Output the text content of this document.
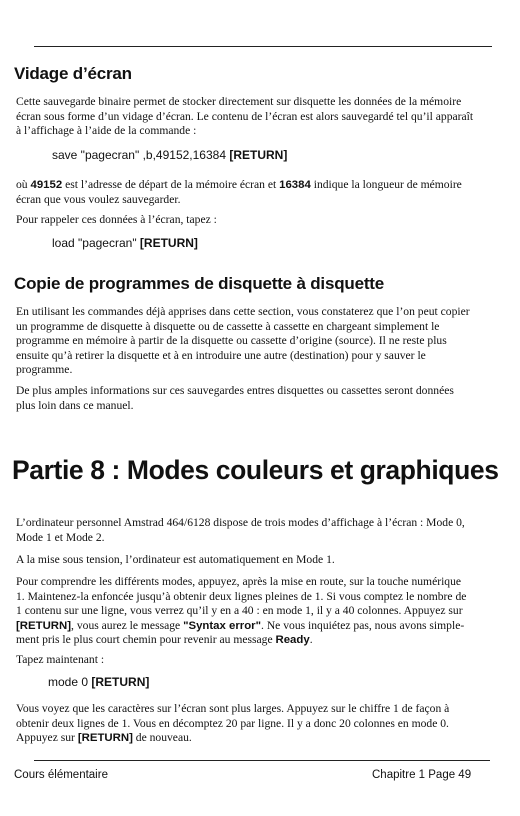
Vidage d’écran
Cette sauvegarde binaire permet de stocker directement sur disquette les données de la mémoire
écran sous forme d’un vidage d’écran. Le contenu de l’écran est alors sauvegardé tel qu’il apparaît
à l’affichage à l’aide de la commande :
save "pagecran" ,b,49152,16384 [RETURN]
où 49152 est l’adresse de départ de la mémoire écran et 16384 indique la longueur de mémoire
écran que vous voulez sauvegarder.

Pour rappeler ces données à l’écran, tapez :

load "pagecran" [RETURN]
Copie de programmes de disquette à disquette
En utilisant les commandes déjà apprises dans cette section, vous constaterez que l’on peut copier
un programme de disquette à disquette ou de cassette à cassette en chargeant simplement le
programme en mémoire à partir de la disquette ou cassette d’origine (source). Il ne reste plus
ensuite qu’à retirer la disquette et à en introduire une autre (destination) pour y sauver le
programme.
De plus amples informations sur ces sauvegardes entres disquettes ou cassettes seront données
plus loin dans ce manuel.
Partie 8 : Modes couleurs et graphiques
L’ordinateur personnel Amstrad 464/6128 dispose de trois modes d’affichage à l’écran : Mode 0,
Mode 1 et Mode 2.

A la mise sous tension, l’ordinateur est automatiquement en Mode 1.

Pour comprendre les différents modes, appuyez, après la mise en route, sur la touche numérique
1. Maintenez-la enfoncée jusqu’à obtenir deux lignes pleines de 1. Si vous comptez le nombre de
1 contenu sur une ligne, vous verrez qu’il y en a 40 : en mode 1, il y a 40 colonnes. Appuyez sur
[RETURN], vous aurez le message "Syntax error". Ne vous inquiétez pas, nous avons simple-
ment pris le plus court chemin pour revenir au message Ready.

Tapez maintenant :

mode 0 [RETURN]
Vous voyez que les caractères sur l’écran sont plus larges. Appuyez sur le chiffre 1 de façon à
obtenir deux lignes de 1. Vous en décomptez 20 par ligne. Il y a donc 20 colonnes en mode 0.
Appuyez sur [RETURN] de nouveau.
Cours élémentaire	Chapitre 1 Page 49
